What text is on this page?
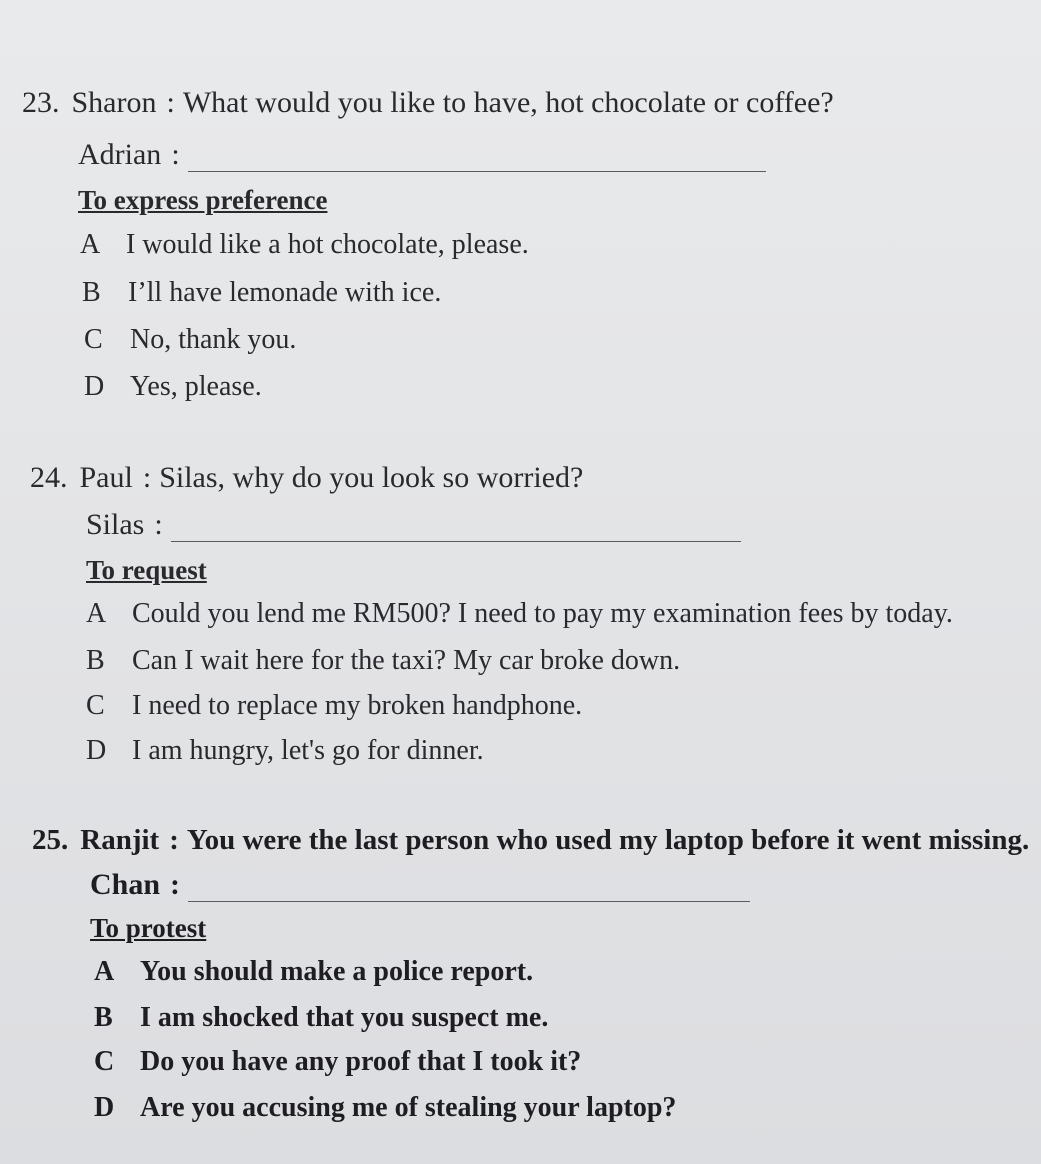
23. Sharon : What would you like to have, hot chocolate or coffee?
Adrian :
To express preference
A I would like a hot chocolate, please.
B I’ll have lemonade with ice.
C No, thank you.
D Yes, please.
24. Paul : Silas, why do you look so worried?
Silas :
To request
A Could you lend me RM500? I need to pay my examination fees by today.
B Can I wait here for the taxi? My car broke down.
C I need to replace my broken handphone.
D I am hungry, let's go for dinner.
25. Ranjit : You were the last person who used my laptop before it went missing.
Chan :
To protest
A You should make a police report.
B I am shocked that you suspect me.
C Do you have any proof that I took it?
D Are you accusing me of stealing your laptop?
